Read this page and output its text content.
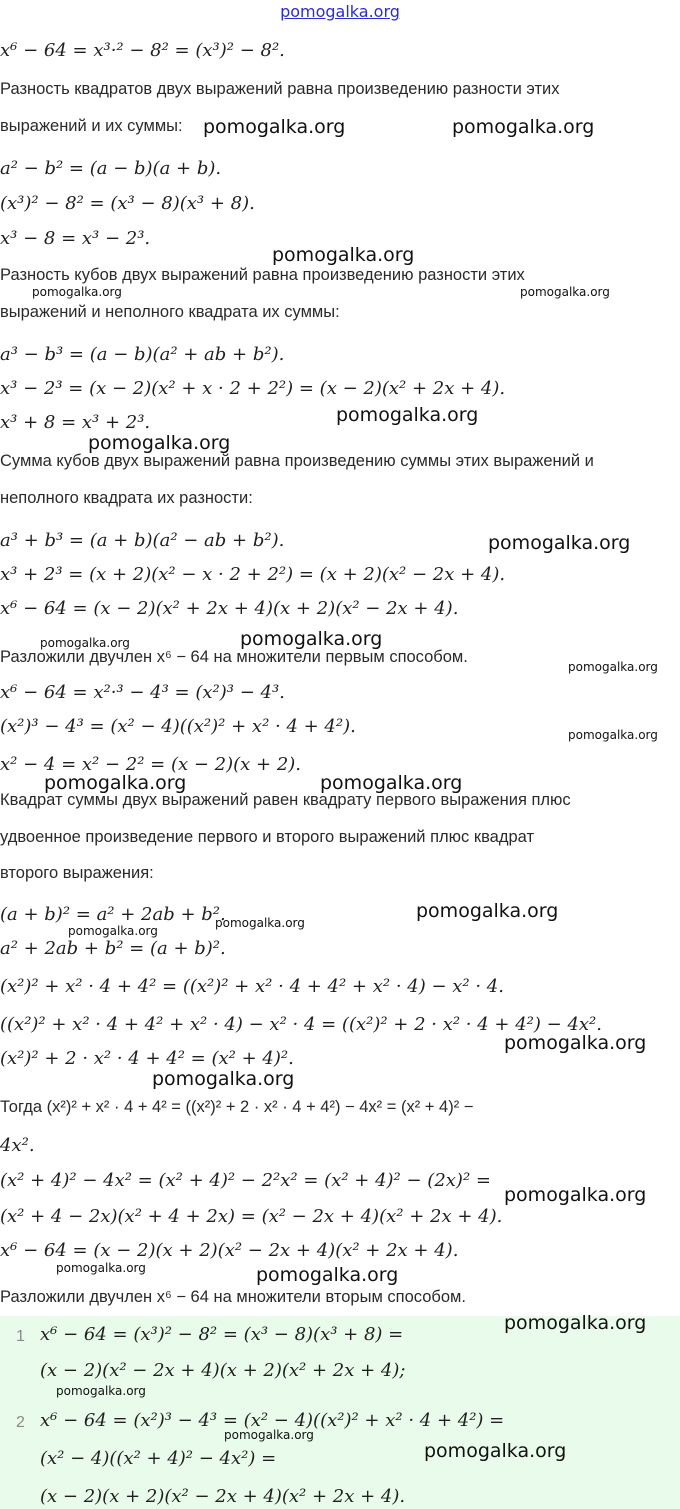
pomogalka.org
x⁶ − 64 = x³·² − 8² = (x³)² − 8².
Разность квадратов двух выражений равна произведению разности этих
выражений и их суммы:
a² − b² = (a − b)(a + b).
(x³)² − 8² = (x³ − 8)(x³ + 8).
x³ − 8 = x³ − 2³.
Разность кубов двух выражений равна произведению разности этих
выражений и неполного квадрата их суммы:
a³ − b³ = (a − b)(a² + ab + b²).
x³ − 2³ = (x − 2)(x² + x · 2 + 2²) = (x − 2)(x² + 2x + 4).
x³ + 8 = x³ + 2³.
Сумма кубов двух выражений равна произведению суммы этих выражений и
неполного квадрата их разности:
a³ + b³ = (a + b)(a² − ab + b²).
x³ + 2³ = (x + 2)(x² − x · 2 + 2²) = (x + 2)(x² − 2x + 4).
x⁶ − 64 = (x − 2)(x² + 2x + 4)(x + 2)(x² − 2x + 4).
Разложили двучлен x⁶ − 64 на множители первым способом.
x⁶ − 64 = x²·³ − 4³ = (x²)³ − 4³.
(x²)³ − 4³ = (x² − 4)((x²)² + x² · 4 + 4²).
x² − 4 = x² − 2² = (x − 2)(x + 2).
Квадрат суммы двух выражений равен квадрату первого выражения плюс
удвоенное произведение первого и второго выражений плюс квадрат
второго выражения:
(a + b)² = a² + 2ab + b².
a² + 2ab + b² = (a + b)².
(x²)² + x² · 4 + 4² = ((x²)² + x² · 4 + 4² + x² · 4) − x² · 4.
((x²)² + x² · 4 + 4² + x² · 4) − x² · 4 = ((x²)² + 2 · x² · 4 + 4²) − 4x².
(x²)² + 2 · x² · 4 + 4² = (x² + 4)².
Тогда (x²)² + x² · 4 + 4² = ((x²)² + 2 · x² · 4 + 4²) − 4x² = (x² + 4)² −
4x².
(x² + 4)² − 4x² = (x² + 4)² − 2²x² = (x² + 4)² − (2x)² =
(x² + 4 − 2x)(x² + 4 + 2x) = (x² − 2x + 4)(x² + 2x + 4).
x⁶ − 64 = (x − 2)(x + 2)(x² − 2x + 4)(x² + 2x + 4).
Разложили двучлен x⁶ − 64 на множители вторым способом.
1 x⁶ − 64 = (x³)² − 8² = (x³ − 8)(x³ + 8) =
(x − 2)(x² − 2x + 4)(x + 2)(x² + 2x + 4);
2 x⁶ − 64 = (x²)³ − 4³ = (x² − 4)((x²)² + x² · 4 + 4²) =
(x² − 4)((x² + 4)² − 4x²) =
(x − 2)(x + 2)(x² − 2x + 4)(x² + 2x + 4).
pomogalka.org	pomogalka.org
pomogalka.org
pomogalka.org	pomogalka.org
pomogalka.org
pomogalka.org
pomogalka.org
pomogalka.org	pomogalka.org
pomogalka.org
pomogalka.org
pomogalka.org	pomogalka.org
pomogalka.org
pomogalka.org
pomogalka.org
pomogalka.org
pomogalka.org
pomogalka.org
pomogalka.org	pomogalka.org
pomogalka.org
pomogalka.org
pomogalka.org
pomogalka.org
